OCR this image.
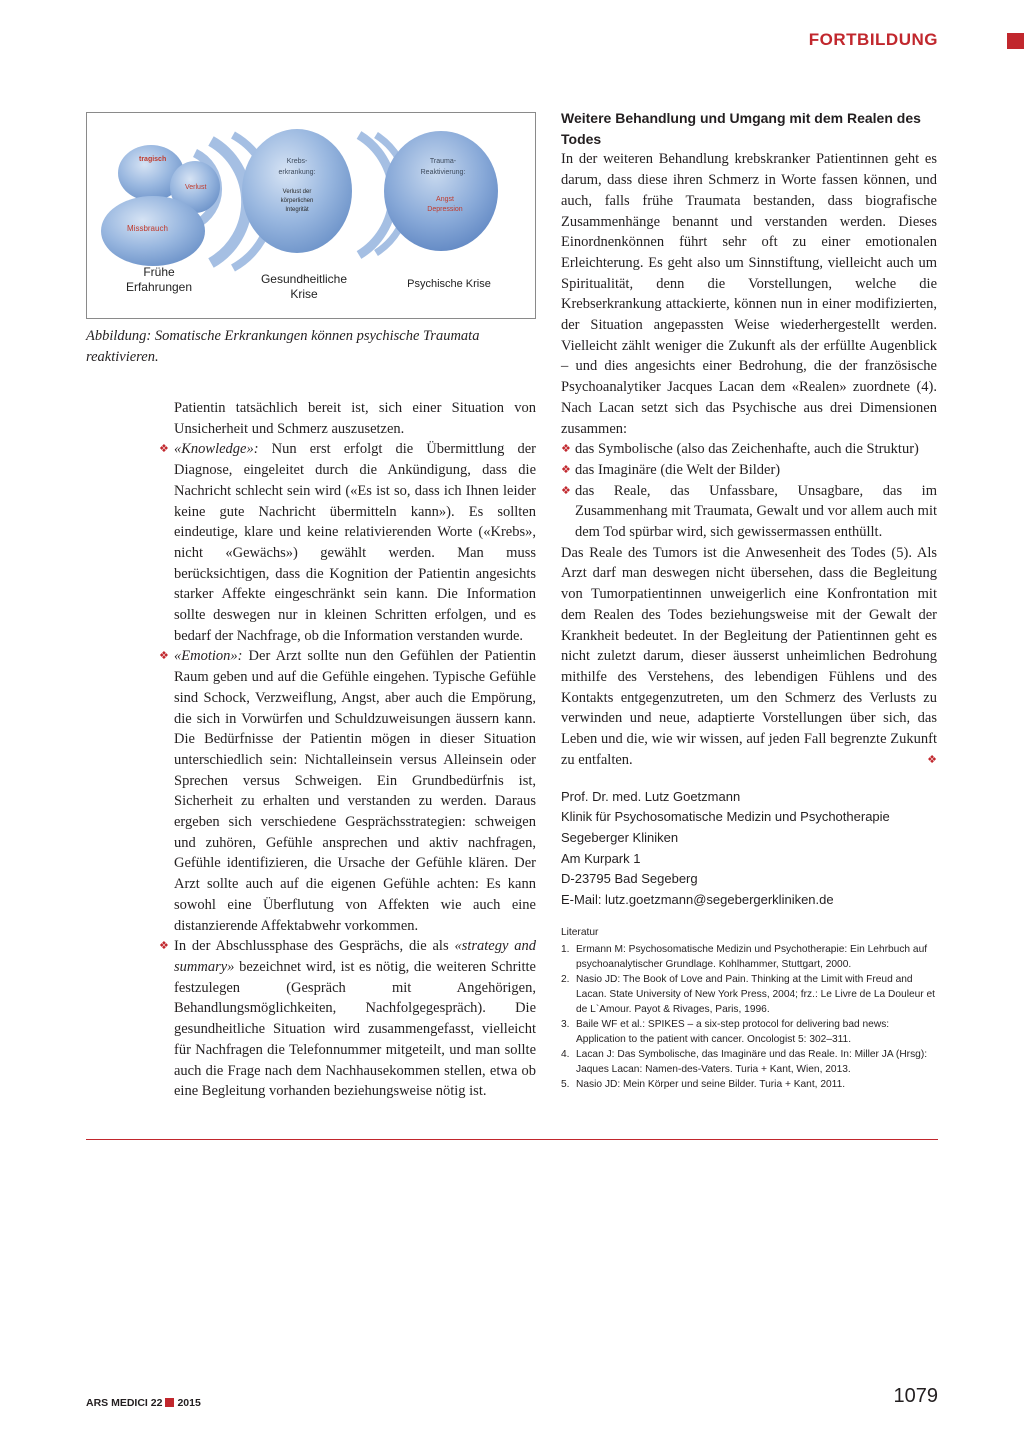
FORTBILDUNG
tragisch
Verlust
Missbrauch
Krebs-
erkrankung:
Verlust der
körperlichen
Integrität
Trauma-
Reaktivierung:
Angst
Depression
Frühe
Erfahrungen
Gesundheitliche
Krise
Psychische Krise
Abbildung: Somatische Erkrankungen können psychische Traumata reaktivieren.

Patientin tatsächlich bereit ist, sich einer Situation von Unsicherheit und Schmerz auszusetzen.

❖ «Knowledge»: Nun erst erfolgt die Übermittlung der Diagnose, eingeleitet durch die Ankündigung, dass die Nachricht schlecht sein wird («Es ist so, dass ich Ihnen leider keine gute Nachricht übermitteln kann»). Es sollten eindeutige, klare und keine relativierenden Worte («Krebs», nicht «Gewächs») gewählt werden. Man muss berücksichtigen, dass die Kognition der Patientin angesichts starker Affekte eingeschränkt sein kann. Die Information sollte deswegen nur in kleinen Schritten erfolgen, und es bedarf der Nachfrage, ob die Information verstanden wurde.

❖ «Emotion»: Der Arzt sollte nun den Gefühlen der Patientin Raum geben und auf die Gefühle eingehen. Typische Gefühle sind Schock, Verzweiflung, Angst, aber auch die Empörung, die sich in Vorwürfen und Schuldzuweisungen äussern kann. Die Bedürfnisse der Patientin mögen in dieser Situation unterschiedlich sein: Nichtalleinsein versus Alleinsein oder Sprechen versus Schweigen. Ein Grundbedürfnis ist, Sicherheit zu erhalten und verstanden zu werden. Daraus ergeben sich verschiedene Gesprächsstrategien: schweigen und zuhören, Gefühle ansprechen und aktiv nachfragen, Gefühle identifizieren, die Ursache der Gefühle klären. Der Arzt sollte auch auf die eigenen Gefühle achten: Es kann sowohl eine Überflutung von Affekten wie auch eine distanzierende Affektabwehr vorkommen.

❖ In der Abschlussphase des Gesprächs, die als «strategy and summary» bezeichnet wird, ist es nötig, die weiteren Schritte festzulegen (Gespräch mit Angehörigen, Behandlungsmöglichkeiten, Nachfolgegespräch). Die gesundheitliche Situation wird zusammengefasst, vielleicht für Nachfragen die Telefonnummer mitgeteilt, und man sollte auch die Frage nach dem Nachhausekommen stellen, etwa ob eine Begleitung vorhanden beziehungsweise nötig ist.

Weitere Behandlung und Umgang mit dem Realen des Todes

In der weiteren Behandlung krebskranker Patientinnen geht es darum, dass diese ihren Schmerz in Worte fassen können, und auch, falls frühe Traumata bestanden, dass biografische Zusammenhänge benannt und verstanden werden. Dieses Einordnenkönnen führt sehr oft zu einer emotionalen Erleichterung. Es geht also um Sinnstiftung, vielleicht auch um Spiritualität, denn die Vorstellungen, welche die Krebserkrankung attackierte, können nun in einer modifizierten, der Situation angepassten Weise wiederhergestellt werden. Vielleicht zählt weniger die Zukunft als der erfüllte Augenblick – und dies angesichts einer Bedrohung, die der französische Psychoanalytiker Jacques Lacan dem «Realen» zuordnete (4). Nach Lacan setzt sich das Psychische aus drei Dimensionen zusammen:

❖ das Symbolische (also das Zeichenhafte, auch die Struktur)
❖ das Imaginäre (die Welt der Bilder)
❖ das Reale, das Unfassbare, Unsagbare, das im Zusammenhang mit Traumata, Gewalt und vor allem auch mit dem Tod spürbar wird, sich gewissermassen enthüllt.

Das Reale des Tumors ist die Anwesenheit des Todes (5). Als Arzt darf man deswegen nicht übersehen, dass die Begleitung von Tumorpatientinnen unweigerlich eine Konfrontation mit dem Realen des Todes beziehungsweise mit der Gewalt der Krankheit bedeutet. In der Begleitung der Patientinnen geht es nicht zuletzt darum, dieser äusserst unheimlichen Bedrohung mithilfe des Verstehens, des lebendigen Fühlens und des Kontakts entgegenzutreten, um den Schmerz des Verlusts zu verwinden und neue, adaptierte Vorstellungen über sich, das Leben und die, wie wir wissen, auf jeden Fall begrenzte Zukunft zu entfalten.	❖

Prof. Dr. med. Lutz Goetzmann
Klinik für Psychosomatische Medizin und Psychotherapie
Segeberger Kliniken
Am Kurpark 1
D-23795 Bad Segeberg
E-Mail: lutz.goetzmann@segebergerkliniken.de
Literatur
1. Ermann M: Psychosomatische Medizin und Psychotherapie: Ein Lehrbuch auf psychoanalytischer Grundlage. Kohlhammer, Stuttgart, 2000.
2. Nasio JD: The Book of Love and Pain. Thinking at the Limit with Freud and Lacan. State University of New York Press, 2004; frz.: Le Livre de La Douleur et de L`Amour. Payot & Rivages, Paris, 1996.
3. Baile WF et al.: SPIKES – a six-step protocol for delivering bad news: Application to the patient with cancer. Oncologist 5: 302–311.
4. Lacan J: Das Symbolische, das Imaginäre und das Reale. In: Miller JA (Hrsg): Jaques Lacan: Namen-des-Vaters. Turia + Kant, Wien, 2013.
5. Nasio JD: Mein Körper und seine Bilder. Turia + Kant, 2011.
ARS MEDICI 22 2015	1079
